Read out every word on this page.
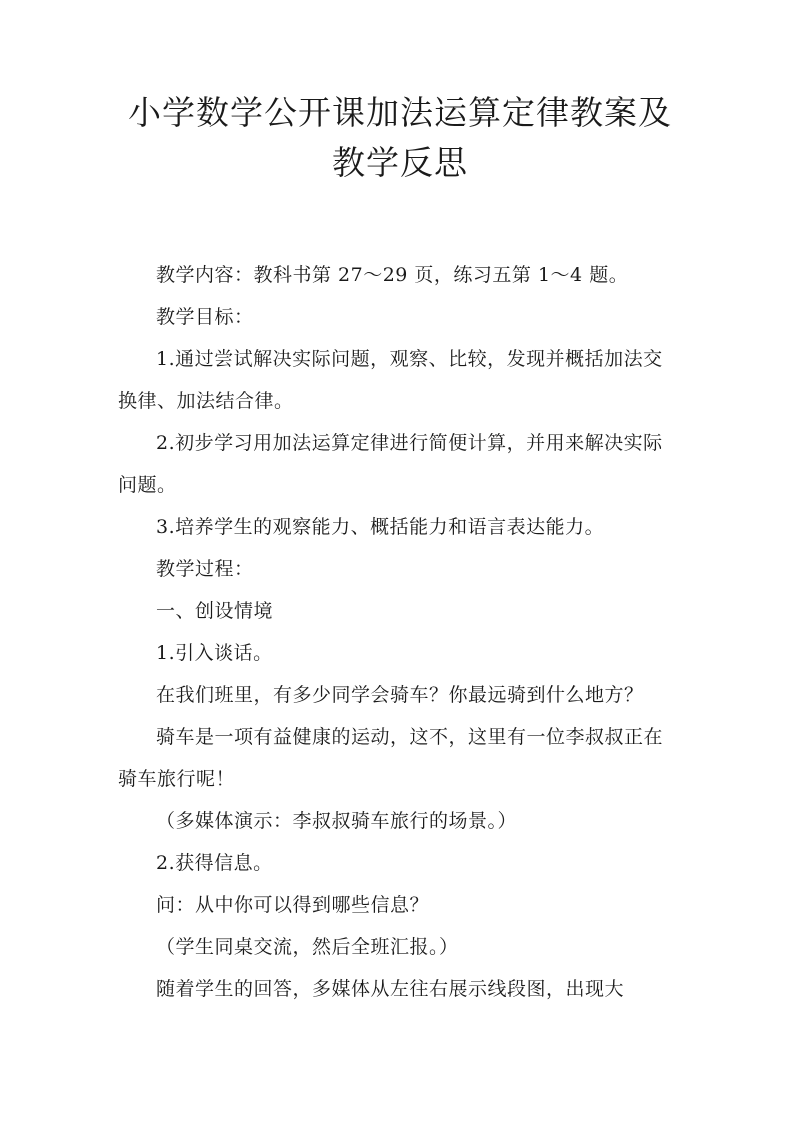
小学数学公开课加法运算定律教案及教学反思

教学内容：教科书第 27～29 页，练习五第 1～4 题。

教学目标：

1.通过尝试解决实际问题，观察、比较，发现并概括加法交换律、加法结合律。

2.初步学习用加法运算定律进行简便计算，并用来解决实际问题。

3.培养学生的观察能力、概括能力和语言表达能力。

教学过程：

一、创设情境

1.引入谈话。

在我们班里，有多少同学会骑车？你最远骑到什么地方？

骑车是一项有益健康的运动，这不，这里有一位李叔叔正在骑车旅行呢！

（多媒体演示：李叔叔骑车旅行的场景。）

2.获得信息。

问：从中你可以得到哪些信息？

（学生同桌交流，然后全班汇报。）

随着学生的回答，多媒体从左往右展示线段图，出现大
